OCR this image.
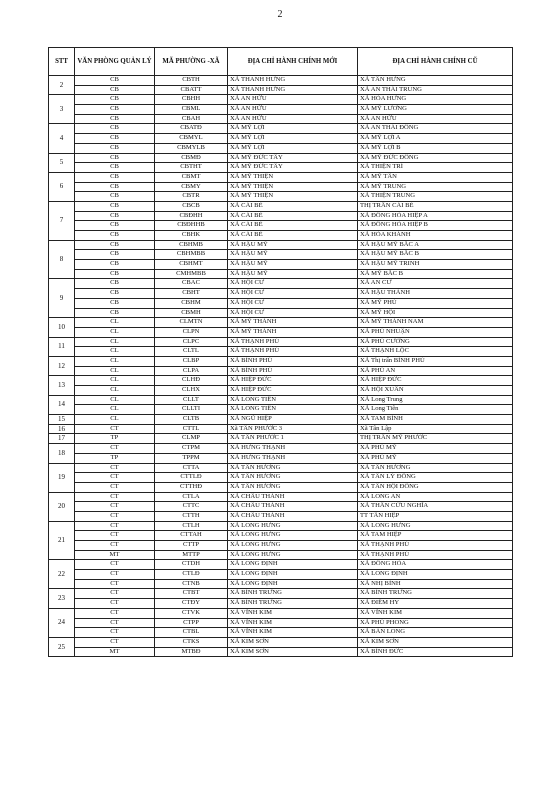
2
STT	VĂN PHÒNG QUẢN LÝ	MÃ PHƯỜNG -XÃ	ĐỊA CHỈ HÀNH CHÍNH MỚI	ĐỊA CHỈ HÀNH CHÍNH CŨ
2	CB	CBTH	XÃ THANH HƯNG	XÃ TÂN HƯNG
	CB	CBATT	XÃ THANH HƯNG	XÃ AN THÁI TRUNG
3	CB	CBHH	XÃ AN HỮU	XÃ HÒA HƯNG
	CB	CBML	XÃ AN HỮU	XÃ MỸ LƯƠNG
	CB	CBAH	XÃ AN HỮU	XÃ AN HỮU
4	CB	CBATĐ	XÃ MỸ LỢI	XÃ AN THÁI ĐÔNG
	CB	CBMYL	XÃ MỸ LỢI	XÃ MỸ LỢI A
	CB	CBMYLB	XÃ MỸ LỢI	XÃ MỸ LỢI B
5	CB	CBMĐ	XÃ MỸ ĐỨC TÂY	XÃ MỸ ĐỨC ĐÔNG
	CB	CBTHT	XÃ MỸ ĐỨC TÂY	XÃ THIỆN TRÍ
6	CB	CBMT	XÃ MỸ THIỆN	XÃ MỸ TÂN
	CB	CBMY	XÃ MỸ THIỆN	XÃ MỸ TRUNG
	CB	CBTR	XÃ MỸ THIỆN	XÃ THIỆN TRUNG
7	CB	CBCB	XÃ CÁI BÈ	THỊ TRẤN CÁI BÈ
	CB	CBĐHH	XÃ CÁI BÈ	XÃ ĐÔNG HÒA HIỆP A
	CB	CBĐHHB	XÃ CÁI BÈ	XÃ ĐÔNG HÒA HIỆP B
	CB	CBHK	XÃ CÁI BÈ	XÃ HÒA KHÁNH
8	CB	CBHMB	XÃ HẬU MỸ	XÃ HẬU MỸ BẮC A
	CB	CBHMBB	XÃ HẬU MỸ	XÃ HẬU MỸ BẮC B
	CB	CBHMT	XÃ HẬU MỸ	XÃ HẬU MỸ TRINH
	CB	CMHMBB	XÃ HẬU MỸ	XÃ MỸ BẮC B
9	CB	CBAC	XÃ HỘI CƯ	XÃ AN CƯ
	CB	CBHT	XÃ HỘI CƯ	XÃ HẬU THÀNH
	CB	CBHM	XÃ HỘI CƯ	XÃ MỸ PHÚ
	CB	CBMH	XÃ HỘI CƯ	XÃ MỸ HỘI
10	CL	CLMTN	XÃ MỸ THÀNH	XÃ MỸ THÀNH NAM
	CL	CLPN	XÃ MỸ THÀNH	XÃ PHÚ NHUẬN
11	CL	CLPC	XÃ THẠNH PHÚ	XÃ PHÚ CƯỜNG
	CL	CLTL	XÃ THẠNH PHÚ	XÃ THẠNH LỘC
12	CL	CLBP	XÃ BÌNH PHÚ	XÃ Thị trấn BÌNH PHÚ
	CL	CLPA	XÃ BÌNH PHÚ	XÃ PHÚ AN
13	CL	CLHĐ	XÃ HIỆP ĐỨC	XÃ HIỆP ĐỨC
	CL	CLHX	XÃ HIỆP ĐỨC	XÃ HỘI XUÂN
14	CL	CLLT	XÃ LONG TIÊN	XÃ Long Trung
	CL	CLLTI	XÃ LONG TIÊN	XÃ Long Tiên
15	CL	CLTB	XÃ NGŨ HIỆP	XÃ TAM BÌNH
16	CT	CTTL	Xã TÂN PHƯỚC 3	Xã Tân Lập
17	TP	CLMP	XÃ TÂN PHƯỚC 1	THỊ TRẤN MỸ PHƯỚC
18	CT	CTPM	XÃ HƯNG THẠNH	XÃ PHÚ MỸ
	TP	TPPM	XÃ HƯNG THẠNH	XÃ PHÚ MỸ
19	CT	CTTA	XÃ TÂN HƯƠNG	XÃ TÂN HƯƠNG
	CT	CTTLĐ	XÃ TÂN HƯƠNG	XÃ TÂN LÝ ĐÔNG
	CT	CTTHĐ	XÃ TÂN HƯƠNG	XÃ TÂN HỘI ĐÔNG
20	CT	CTLA	XÃ CHÂU THÀNH	XÃ LONG AN
	CT	CTTC	XÃ CHÂU THÀNH	XÃ THÂN CỬU NGHĨA
	CT	CTTH	XÃ CHÂU THÀNH	TT TÂN HIỆP
21	CT	CTLH	XÃ LONG HƯNG	XÃ LONG HƯNG
	CT	CTTAH	XÃ LONG HƯNG	XÃ TAM HIỆP
	CT	CTTP	XÃ LONG HƯNG	XÃ THẠNH PHÚ
	MT	MTTP	XÃ LONG HƯNG	XÃ THẠNH PHÚ
22	CT	CTDH	XÃ LONG ĐỊNH	XÃ ĐÔNG HÒA
	CT	CTLĐ	XÃ LONG ĐỊNH	XÃ LONG ĐỊNH
	CT	CTNB	XÃ LONG ĐỊNH	XÃ NHỊ BÌNH
23	CT	CTBT	XÃ BÌNH TRƯNG	XÃ BÌNH TRƯNG
	CT	CTĐY	XÃ BÌNH TRƯNG	XÃ ĐIỀM HY
24	CT	CTVK	XÃ VĨNH KIM	XÃ VĨNH KIM
	CT	CTPP	XÃ VĨNH KIM	XÃ PHÚ PHONG
	CT	CTBL	XÃ VĨNH KIM	XÃ BÀN LONG
25	CT	CTKS	XÃ KIM SƠN	XÃ KIM SƠN
	MT	MTBĐ	XÃ KIM SƠN	XÃ BÌNH ĐỨC
